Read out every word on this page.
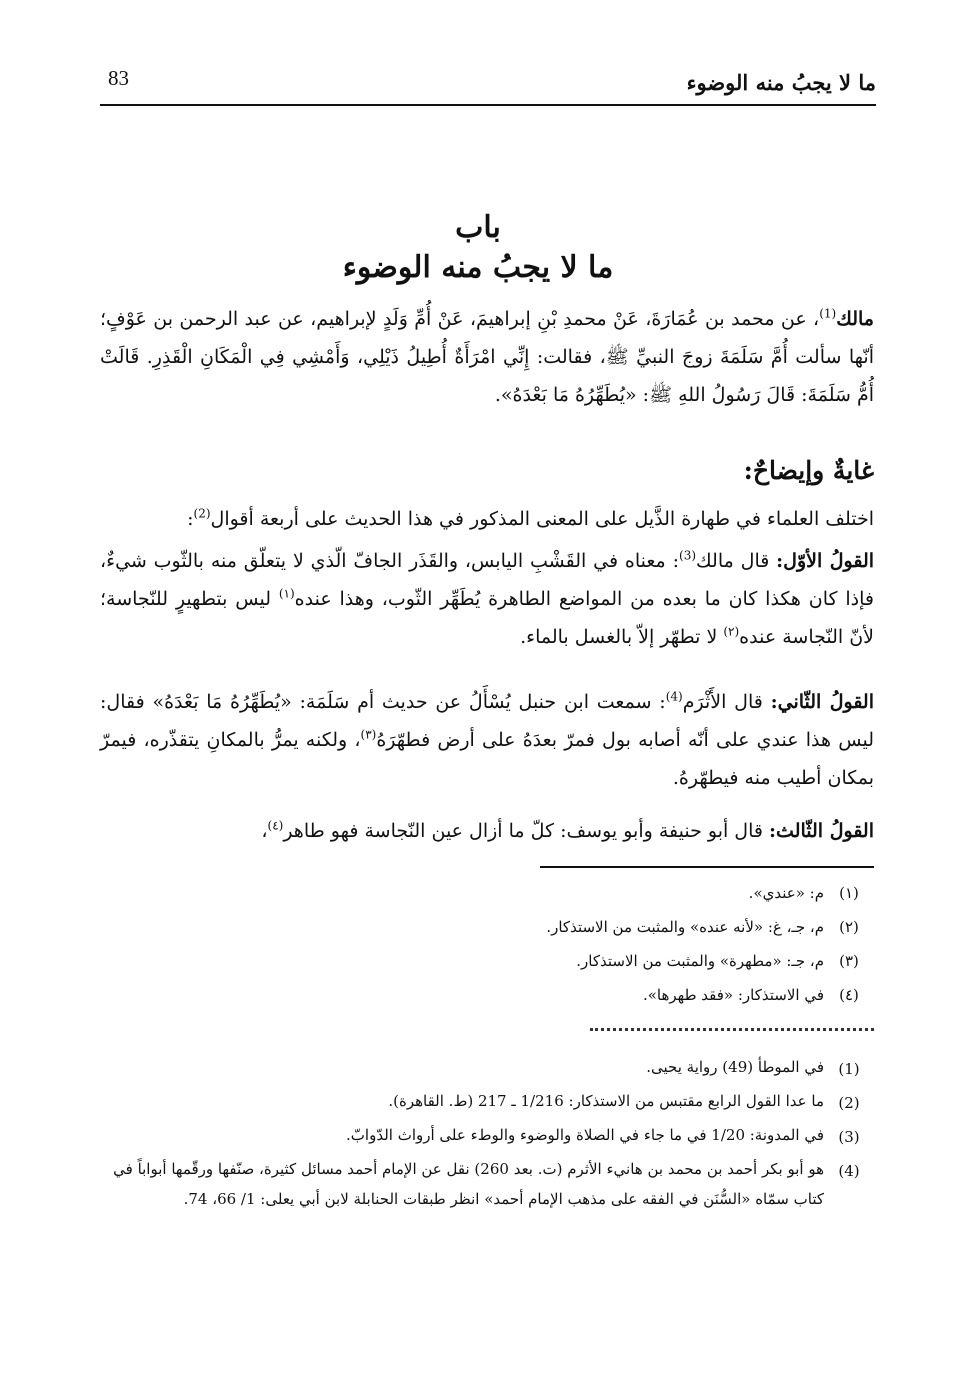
ما لا يجبُ منه الوضوء
83
باب
ما لا يجبُ منه الوضوء
مالك$^{(1)}$، عن محمد بن عُمَارَةَ، عَنْ محمدِ بْنِ إبراهيمَ، عَنْ أُمِّ وَلَدٍ لإبراهيم، عن عبد الرحمن بن عَوْفٍ؛ أنّها سألت أُمَّ سَلَمَةَ زوجَ النبيِّ ﷺ، فقالت: إِنِّي امْرَأَةٌ أُطِيلُ ذَيْلِي، وَأَمْشِي فِي الْمَكَانِ الْقَذِرِ. قَالَتْ أُمُّ سَلَمَةَ: قَالَ رَسُولُ اللهِ ﷺ: «يُطَهِّرُهُ مَا بَعْدَهُ».
غايةٌ وإيضاحٌ:
اختلف العلماء في طهارة الذَّيل على المعنى المذكور في هذا الحديث على أربعة أقوال$^{(2)}$:
القولُ الأوّل: قال مالك$^{(3)}$: معناه في القَشْبِ اليابس، والقَذَر الجافّ الّذي لا يتعلّق منه بالثّوب شيءٌ، فإذا كان هكذا كان ما بعده من المواضع الطاهرة يُطَهِّر الثّوب، وهذا عنده$^{(١)}$ ليس بتطهيرٍ للنّجاسة؛ لأنّ النّجاسة عنده$^{(٢)}$ لا تطهّر إلاّ بالغسل بالماء.
القولُ الثّاني: قال الأَثْرَم$^{(4)}$: سمعت ابن حنبل يُسْأَلُ عن حديث أم سَلَمَة: «يُطَهِّرُهُ مَا بَعْدَهُ» فقال: ليس هذا عندي على أنّه أصابه بول فمرّ بعدَهُ على أرض فطهّرَهُ$^{(٣)}$، ولكنه يمرُّ بالمكانِ يتقذّره، فيمرّ بمكان أطيب منه فيطهّرهُ.
القولُ الثّالث: قال أبو حنيفة وأبو يوسف: كلّ ما أزال عين النّجاسة فهو طاهر$^{(٤)}$،
(١)
م: «عندي».
(٢)
م، جـ، غ: «لأنه عنده» والمثبت من الاستذكار.
(٣)
م، جـ: «مطهرة» والمثبت من الاستذكار.
(٤)
في الاستذكار: «فقد طهرها».
(1)
في الموطأ (49) رواية يحيى.
(2)
ما عدا القول الرابع مقتبس من الاستذكار: 1/216 ـ 217 (ط. القاهرة).
(3)
في المدونة: 1/20 في ما جاء في الصلاة والوضوء والوطء على أرواث الدّوابّ.
(4)
هو أبو بكر أحمد بن محمد بن هانيء الأثرم (ت. بعد 260) نقل عن الإمام أحمد مسائل كثيرة، صنّفها ورقّمها أبواباً في كتاب سمّاه «السُّنَن في الفقه على مذهب الإمام أحمد» انظر طبقات الحنابلة لابن أبي يعلى: 1/ 66، 74.
